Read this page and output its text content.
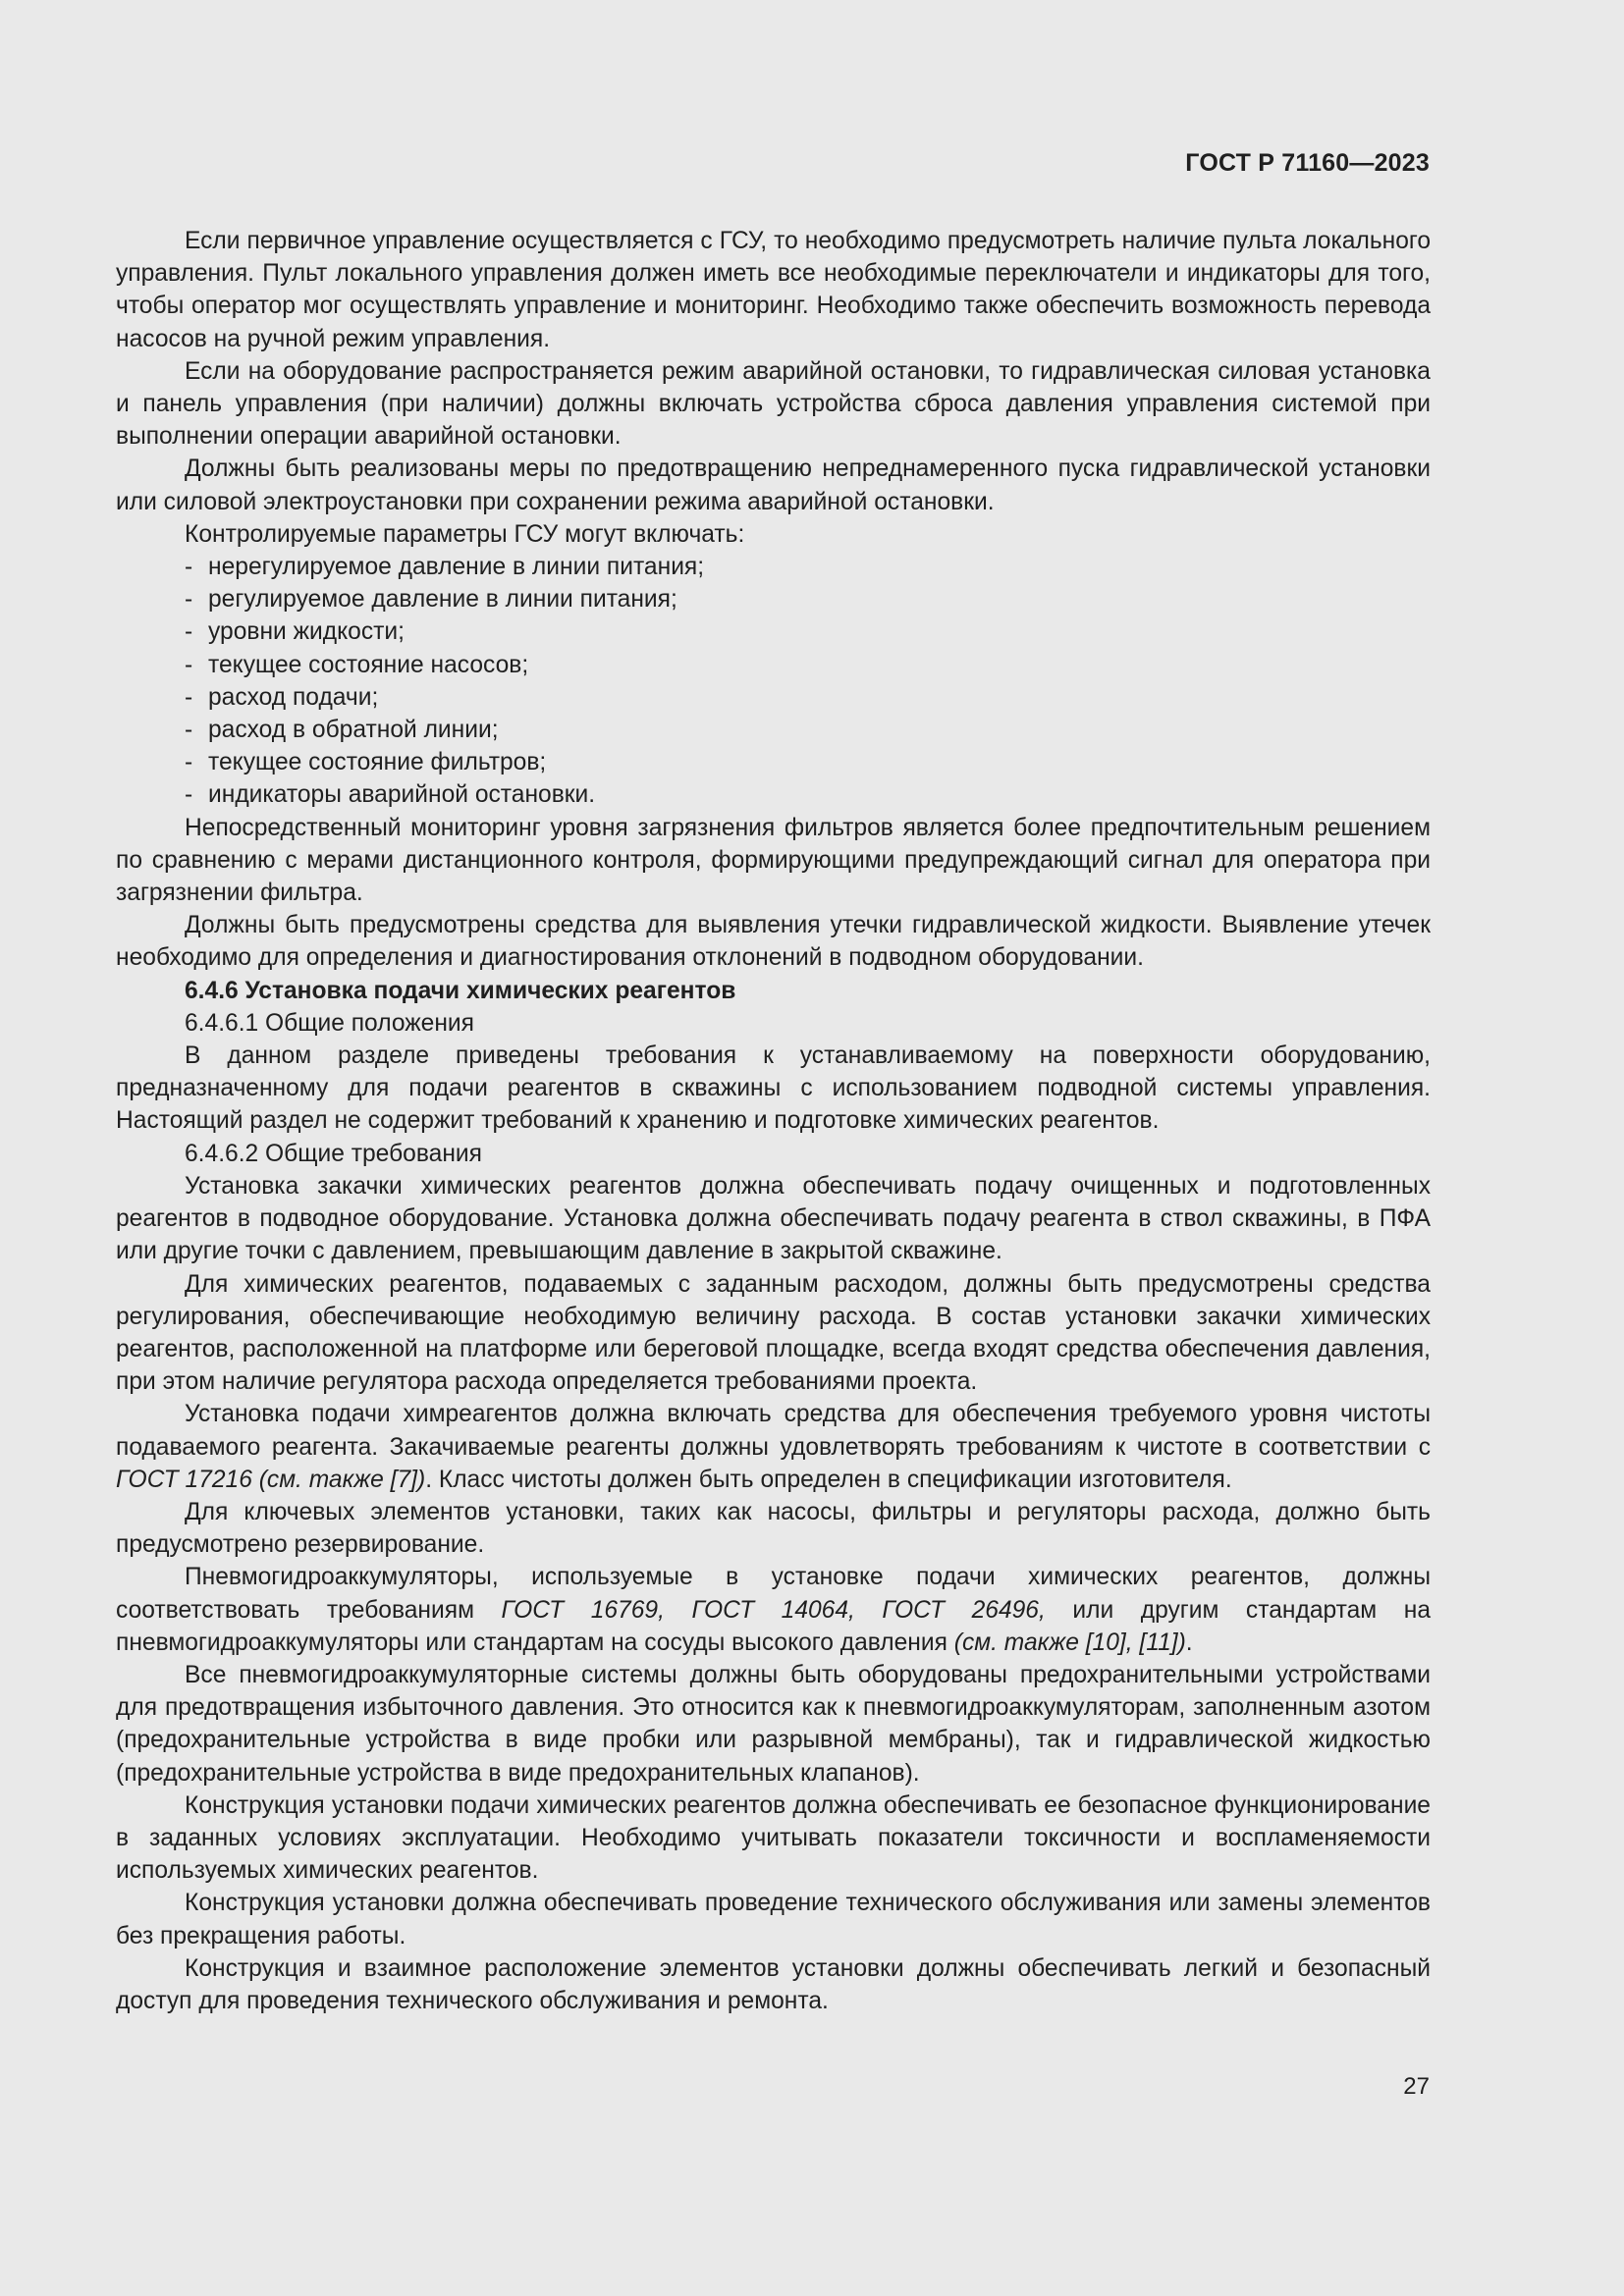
ГОСТ Р 71160—2023

Если первичное управление осуществляется с ГСУ, то необходимо предусмотреть наличие пульта локального управления. Пульт локального управления должен иметь все необходимые переключатели и индикаторы для того, чтобы оператор мог осуществлять управление и мониторинг. Необходимо также обеспечить возможность перевода насосов на ручной режим управления.

Если на оборудование распространяется режим аварийной остановки, то гидравлическая силовая установка и панель управления (при наличии) должны включать устройства сброса давления управления системой при выполнении операции аварийной остановки.

Должны быть реализованы меры по предотвращению непреднамеренного пуска гидравлической установки или силовой электроустановки при сохранении режима аварийной остановки.

Контролируемые параметры ГСУ могут включать:

- нерегулируемое давление в линии питания;
- регулируемое давление в линии питания;
- уровни жидкости;
- текущее состояние насосов;
- расход подачи;
- расход в обратной линии;
- текущее состояние фильтров;
- индикаторы аварийной остановки.

Непосредственный мониторинг уровня загрязнения фильтров является более предпочтительным решением по сравнению с мерами дистанционного контроля, формирующими предупреждающий сигнал для оператора при загрязнении фильтра.

Должны быть предусмотрены средства для выявления утечки гидравлической жидкости. Выявление утечек необходимо для определения и диагностирования отклонений в подводном оборудовании.

6.4.6 Установка подачи химических реагентов

6.4.6.1 Общие положения

В данном разделе приведены требования к устанавливаемому на поверхности оборудованию, предназначенному для подачи реагентов в скважины с использованием подводной системы управления. Настоящий раздел не содержит требований к хранению и подготовке химических реагентов.

6.4.6.2 Общие требования

Установка закачки химических реагентов должна обеспечивать подачу очищенных и подготовленных реагентов в подводное оборудование. Установка должна обеспечивать подачу реагента в ствол скважины, в ПФА или другие точки с давлением, превышающим давление в закрытой скважине.

Для химических реагентов, подаваемых с заданным расходом, должны быть предусмотрены средства регулирования, обеспечивающие необходимую величину расхода. В состав установки закачки химических реагентов, расположенной на платформе или береговой площадке, всегда входят средства обеспечения давления, при этом наличие регулятора расхода определяется требованиями проекта.

Установка подачи химреагентов должна включать средства для обеспечения требуемого уровня чистоты подаваемого реагента. Закачиваемые реагенты должны удовлетворять требованиям к чистоте в соответствии с ГОСТ 17216 (см. также [7]). Класс чистоты должен быть определен в спецификации изготовителя.

Для ключевых элементов установки, таких как насосы, фильтры и регуляторы расхода, должно быть предусмотрено резервирование.

Пневмогидроаккумуляторы, используемые в установке подачи химических реагентов, должны соответствовать требованиям ГОСТ 16769, ГОСТ 14064, ГОСТ 26496, или другим стандартам на пневмогидроаккумуляторы или стандартам на сосуды высокого давления (см. также [10], [11]).

Все пневмогидроаккумуляторные системы должны быть оборудованы предохранительными устройствами для предотвращения избыточного давления. Это относится как к пневмогидроаккумуляторам, заполненным азотом (предохранительные устройства в виде пробки или разрывной мембраны), так и гидравлической жидкостью (предохранительные устройства в виде предохранительных клапанов).

Конструкция установки подачи химических реагентов должна обеспечивать ее безопасное функционирование в заданных условиях эксплуатации. Необходимо учитывать показатели токсичности и воспламеняемости используемых химических реагентов.

Конструкция установки должна обеспечивать проведение технического обслуживания или замены элементов без прекращения работы.

Конструкция и взаимное расположение элементов установки должны обеспечивать легкий и безопасный доступ для проведения технического обслуживания и ремонта.

27
